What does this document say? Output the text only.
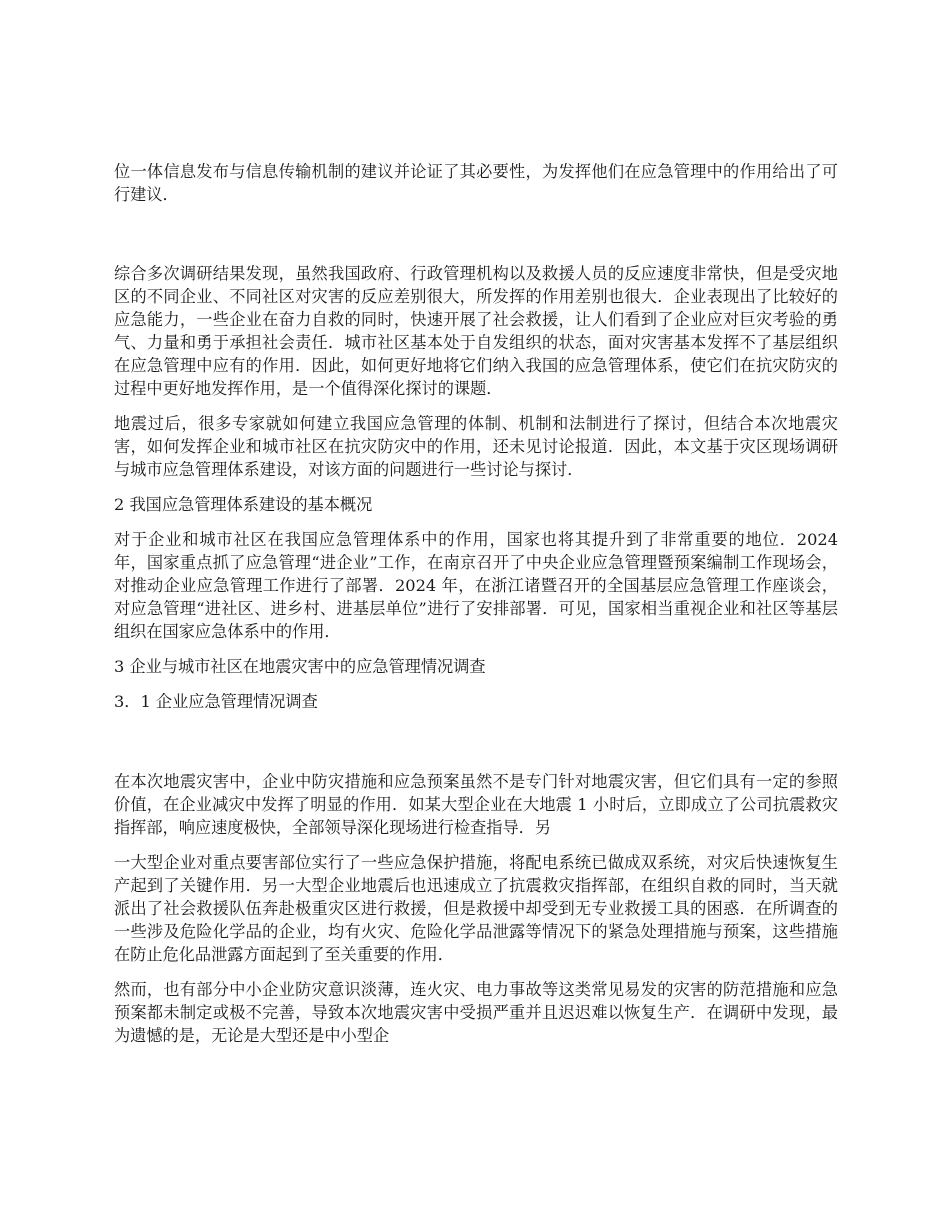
位一体信息发布与信息传输机制的建议并论证了其必要性，为发挥他们在应急管理中的作用给出了可行建议．

综合多次调研结果发现，虽然我国政府、行政管理机构以及救援人员的反应速度非常快，但是受灾地区的不同企业、不同社区对灾害的反应差别很大，所发挥的作用差别也很大．企业表现出了比较好的应急能力，一些企业在奋力自救的同时，快速开展了社会救援，让人们看到了企业应对巨灾考验的勇气、力量和勇于承担社会责任．城市社区基本处于自发组织的状态，面对灾害基本发挥不了基层组织在应急管理中应有的作用．因此，如何更好地将它们纳入我国的应急管理体系，使它们在抗灾防灾的过程中更好地发挥作用，是一个值得深化探讨的课题．

地震过后，很多专家就如何建立我国应急管理的体制、机制和法制进行了探讨，但结合本次地震灾害，如何发挥企业和城市社区在抗灾防灾中的作用，还未见讨论报道．因此，本文基于灾区现场调研与城市应急管理体系建设，对该方面的问题进行一些讨论与探讨．

2 我国应急管理体系建设的基本概况

对于企业和城市社区在我国应急管理体系中的作用，国家也将其提升到了非常重要的地位．2024 年，国家重点抓了应急管理“进企业”工作，在南京召开了中央企业应急管理暨预案编制工作现场会，对推动企业应急管理工作进行了部署．2024 年，在浙江诸暨召开的全国基层应急管理工作座谈会，对应急管理“进社区、进乡村、进基层单位”进行了安排部署．可见，国家相当重视企业和社区等基层组织在国家应急体系中的作用．

3 企业与城市社区在地震灾害中的应急管理情况调查
3．1 企业应急管理情况调查

在本次地震灾害中，企业中防灾措施和应急预案虽然不是专门针对地震灾害，但它们具有一定的参照价值，在企业减灾中发挥了明显的作用．如某大型企业在大地震 1 小时后，立即成立了公司抗震救灾指挥部，响应速度极快，全部领导深化现场进行检查指导．另

一大型企业对重点要害部位实行了一些应急保护措施，将配电系统已做成双系统，对灾后快速恢复生产起到了关键作用．另一大型企业地震后也迅速成立了抗震救灾指挥部，在组织自救的同时，当天就派出了社会救援队伍奔赴极重灾区进行救援，但是救援中却受到无专业救援工具的困惑．在所调查的一些涉及危险化学品的企业，均有火灾、危险化学品泄露等情况下的紧急处理措施与预案，这些措施在防止危化品泄露方面起到了至关重要的作用．

然而，也有部分中小企业防灾意识淡薄，连火灾、电力事故等这类常见易发的灾害的防范措施和应急预案都未制定或极不完善，导致本次地震灾害中受损严重并且迟迟难以恢复生产．在调研中发现，最为遗憾的是，无论是大型还是中小型企
